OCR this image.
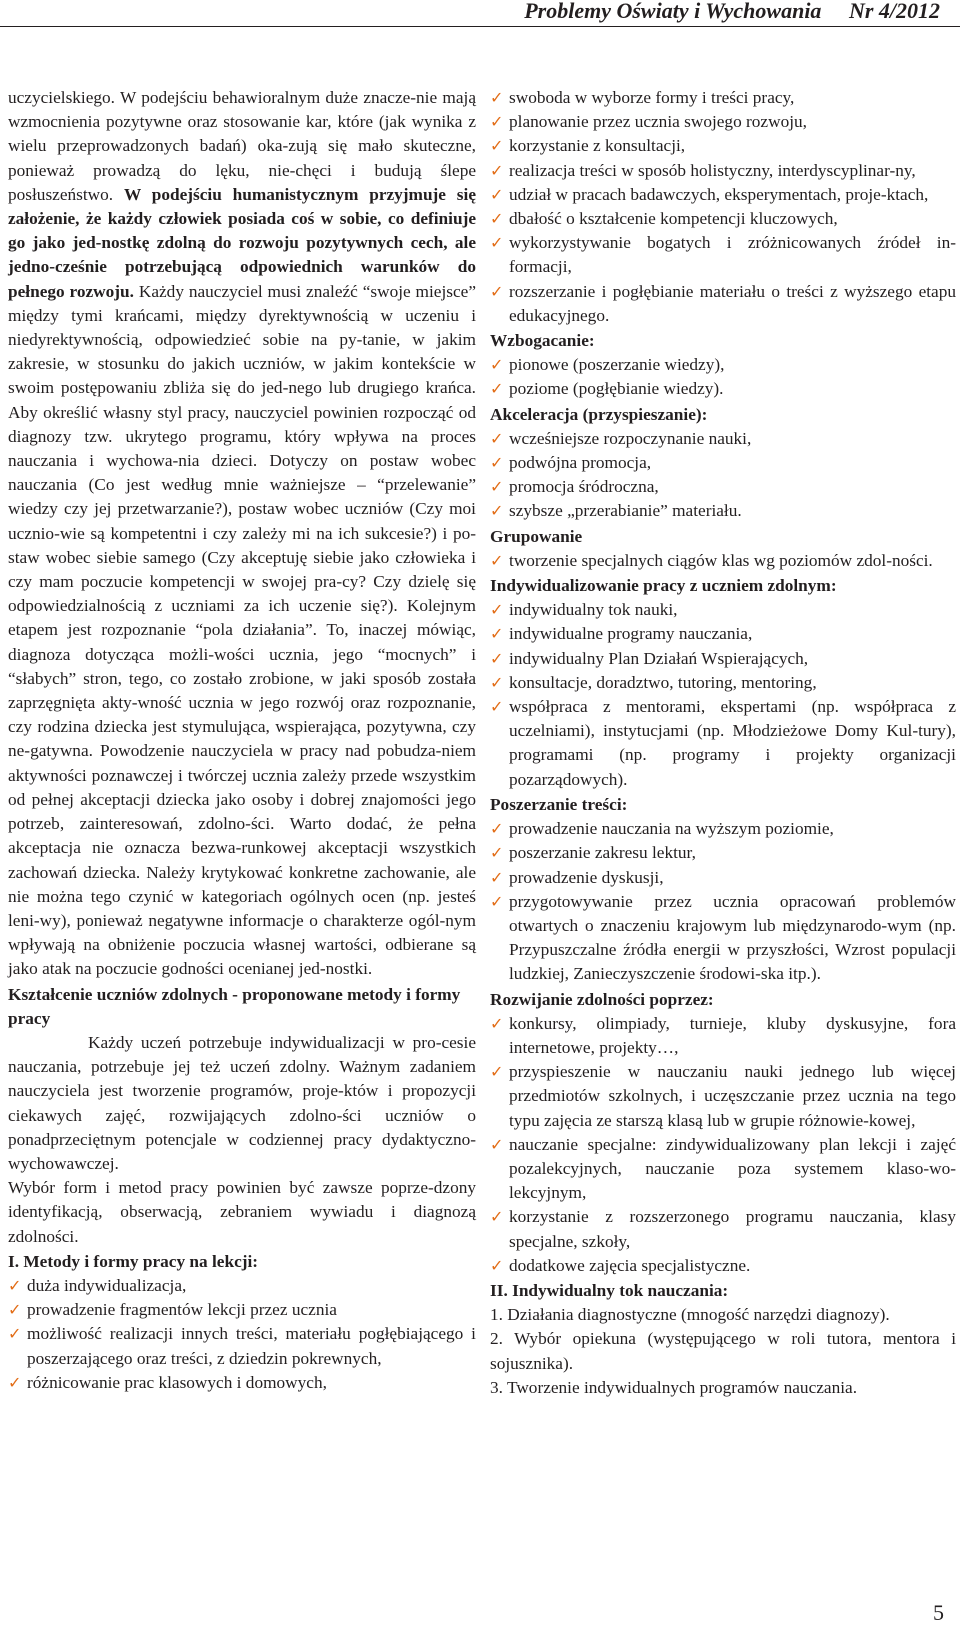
Problemy Oświaty i Wychowania Nr 4/2012

uczycielskiego. W podejściu behawioralnym duże znacze-nie mają wzmocnienia pozytywne oraz stosowanie kar, które (jak wynika z wielu przeprowadzonych badań) oka-zują się mało skuteczne, ponieważ prowadzą do lęku, nie-chęci i budują ślepe posłuszeństwo. W podejściu humanistycznym przyjmuje się założenie, że każdy człowiek posiada coś w sobie, co definiuje go jako jed-nostkę zdolną do rozwoju pozytywnych cech, ale jedno-cześnie potrzebującą odpowiednich warunków do pełnego rozwoju. Każdy nauczyciel musi znaleźć “swoje miejsce” między tymi krańcami, między dyrektywnością w uczeniu i niedyrektywnością, odpowiedzieć sobie na py-tanie, w jakim zakresie, w stosunku do jakich uczniów, w jakim kontekście w swoim postępowaniu zbliża się do jed-nego lub drugiego krańca. Aby określić własny styl pracy, nauczyciel powinien rozpocząć od diagnozy tzw. ukrytego programu, który wpływa na proces nauczania i wychowa-nia dzieci. Dotyczy on postaw wobec nauczania (Co jest według mnie ważniejsze – “przelewanie” wiedzy czy jej przetwarzanie?), postaw wobec uczniów (Czy moi ucznio-wie są kompetentni i czy zależy mi na ich sukcesie?) i po-staw wobec siebie samego (Czy akceptuję siebie jako człowieka i czy mam poczucie kompetencji w swojej pra-cy? Czy dzielę się odpowiedzialnością z uczniami za ich uczenie się?). Kolejnym etapem jest rozpoznanie “pola działania”. To, inaczej mówiąc, diagnoza dotycząca możli-wości ucznia, jego “mocnych” i “słabych” stron, tego, co zostało zrobione, w jaki sposób została zaprzęgnięta akty-wność ucznia w jego rozwój oraz rozpoznanie, czy rodzina dziecka jest stymulująca, wspierająca, pozytywna, czy ne-gatywna. Powodzenie nauczyciela w pracy nad pobudza-niem aktywności poznawczej i twórczej ucznia zależy przede wszystkim od pełnej akceptacji dziecka jako osoby i dobrej znajomości jego potrzeb, zainteresowań, zdolno-ści. Warto dodać, że pełna akceptacja nie oznacza bezwa-runkowej akceptacji wszystkich zachowań dziecka. Należy krytykować konkretne zachowanie, ale nie można tego czynić w kategoriach ogólnych ocen (np. jesteś leni-wy), ponieważ negatywne informacje o charakterze ogól-nym wpływają na obniżenie poczucia własnej wartości, odbierane są jako atak na poczucie godności ocenianej jed-nostki.

Kształcenie uczniów zdolnych - proponowane metody i formy pracy

Każdy uczeń potrzebuje indywidualizacji w pro-cesie nauczania, potrzebuje jej też uczeń zdolny. Ważnym zadaniem nauczyciela jest tworzenie programów, proje-któw i propozycji ciekawych zajęć, rozwijających zdolno-ści uczniów o ponadprzeciętnym potencjale w codziennej pracy dydaktyczno-wychowawczej.

Wybór form i metod pracy powinien być zawsze poprze-dzony identyfikacją, obserwacją, zebraniem wywiadu i diagnozą zdolności.

I. Metody i formy pracy na lekcji:

✓ duża indywidualizacja,
✓ prowadzenie fragmentów lekcji przez ucznia
✓ możliwość realizacji innych treści, materiału pogłębiającego i poszerzającego oraz treści, z dziedzin pokrewnych,
✓ różnicowanie prac klasowych i domowych,
✓ swoboda w wyborze formy i treści pracy,
✓ planowanie przez ucznia swojego rozwoju,
✓ korzystanie z konsultacji,
✓ realizacja treści w sposób holistyczny, interdyscyplinar-ny,
✓ udział w pracach badawczych, eksperymentach, proje-ktach,
✓ dbałość o kształcenie kompetencji kluczowych,
✓ wykorzystywanie bogatych i zróżnicowanych źródeł in-formacji,
✓ rozszerzanie i pogłębianie materiału o treści z wyższego etapu edukacyjnego.

Wzbogacanie:

✓ pionowe (poszerzanie wiedzy),
✓ poziome (pogłębianie wiedzy).

Akceleracja (przyspieszanie):

✓ wcześniejsze rozpoczynanie nauki,
✓ podwójna promocja,
✓ promocja śródroczna,
✓ szybsze „przerabianie” materiału.

Grupowanie

✓ tworzenie specjalnych ciągów klas wg poziomów zdol-ności.

Indywidualizowanie pracy z uczniem zdolnym:

✓ indywidualny tok nauki,
✓ indywidualne programy nauczania,
✓ indywidualny Plan Działań Wspierających,
✓ konsultacje, doradztwo, tutoring, mentoring,
✓ współpraca z mentorami, ekspertami (np. współpraca z uczelniami), instytucjami (np. Młodzieżowe Domy Kul-tury), programami (np. programy i projekty organizacji pozarządowych).

Poszerzanie treści:

✓ prowadzenie nauczania na wyższym poziomie,
✓ poszerzanie zakresu lektur,
✓ prowadzenie dyskusji,
✓ przygotowywanie przez ucznia opracowań problemów otwartych o znaczeniu krajowym lub międzynarodo-wym (np. Przypuszczalne źródła energii w przyszłości, Wzrost populacji ludzkiej, Zanieczyszczenie środowi-ska itp.).

Rozwijanie zdolności poprzez:

✓ konkursy, olimpiady, turnieje, kluby dyskusyjne, fora internetowe, projekty…,
✓ przyspieszenie w nauczaniu nauki jednego lub więcej przedmiotów szkolnych, i uczęszczanie przez ucznia na tego typu zajęcia ze starszą klasą lub w grupie różnowie-kowej,
✓ nauczanie specjalne: zindywidualizowany plan lekcji i zajęć pozalekcyjnych, nauczanie poza systemem klaso-wo-lekcyjnym,
✓ korzystanie z rozszerzonego programu nauczania, klasy specjalne, szkoły,
✓ dodatkowe zajęcia specjalistyczne.

II. Indywidualny tok nauczania:

1. Działania diagnostyczne (mnogość narzędzi diagnozy).
2. Wybór opiekuna (występującego w roli tutora, mentora i sojusznika).
3. Tworzenie indywidualnych programów nauczania.
5
